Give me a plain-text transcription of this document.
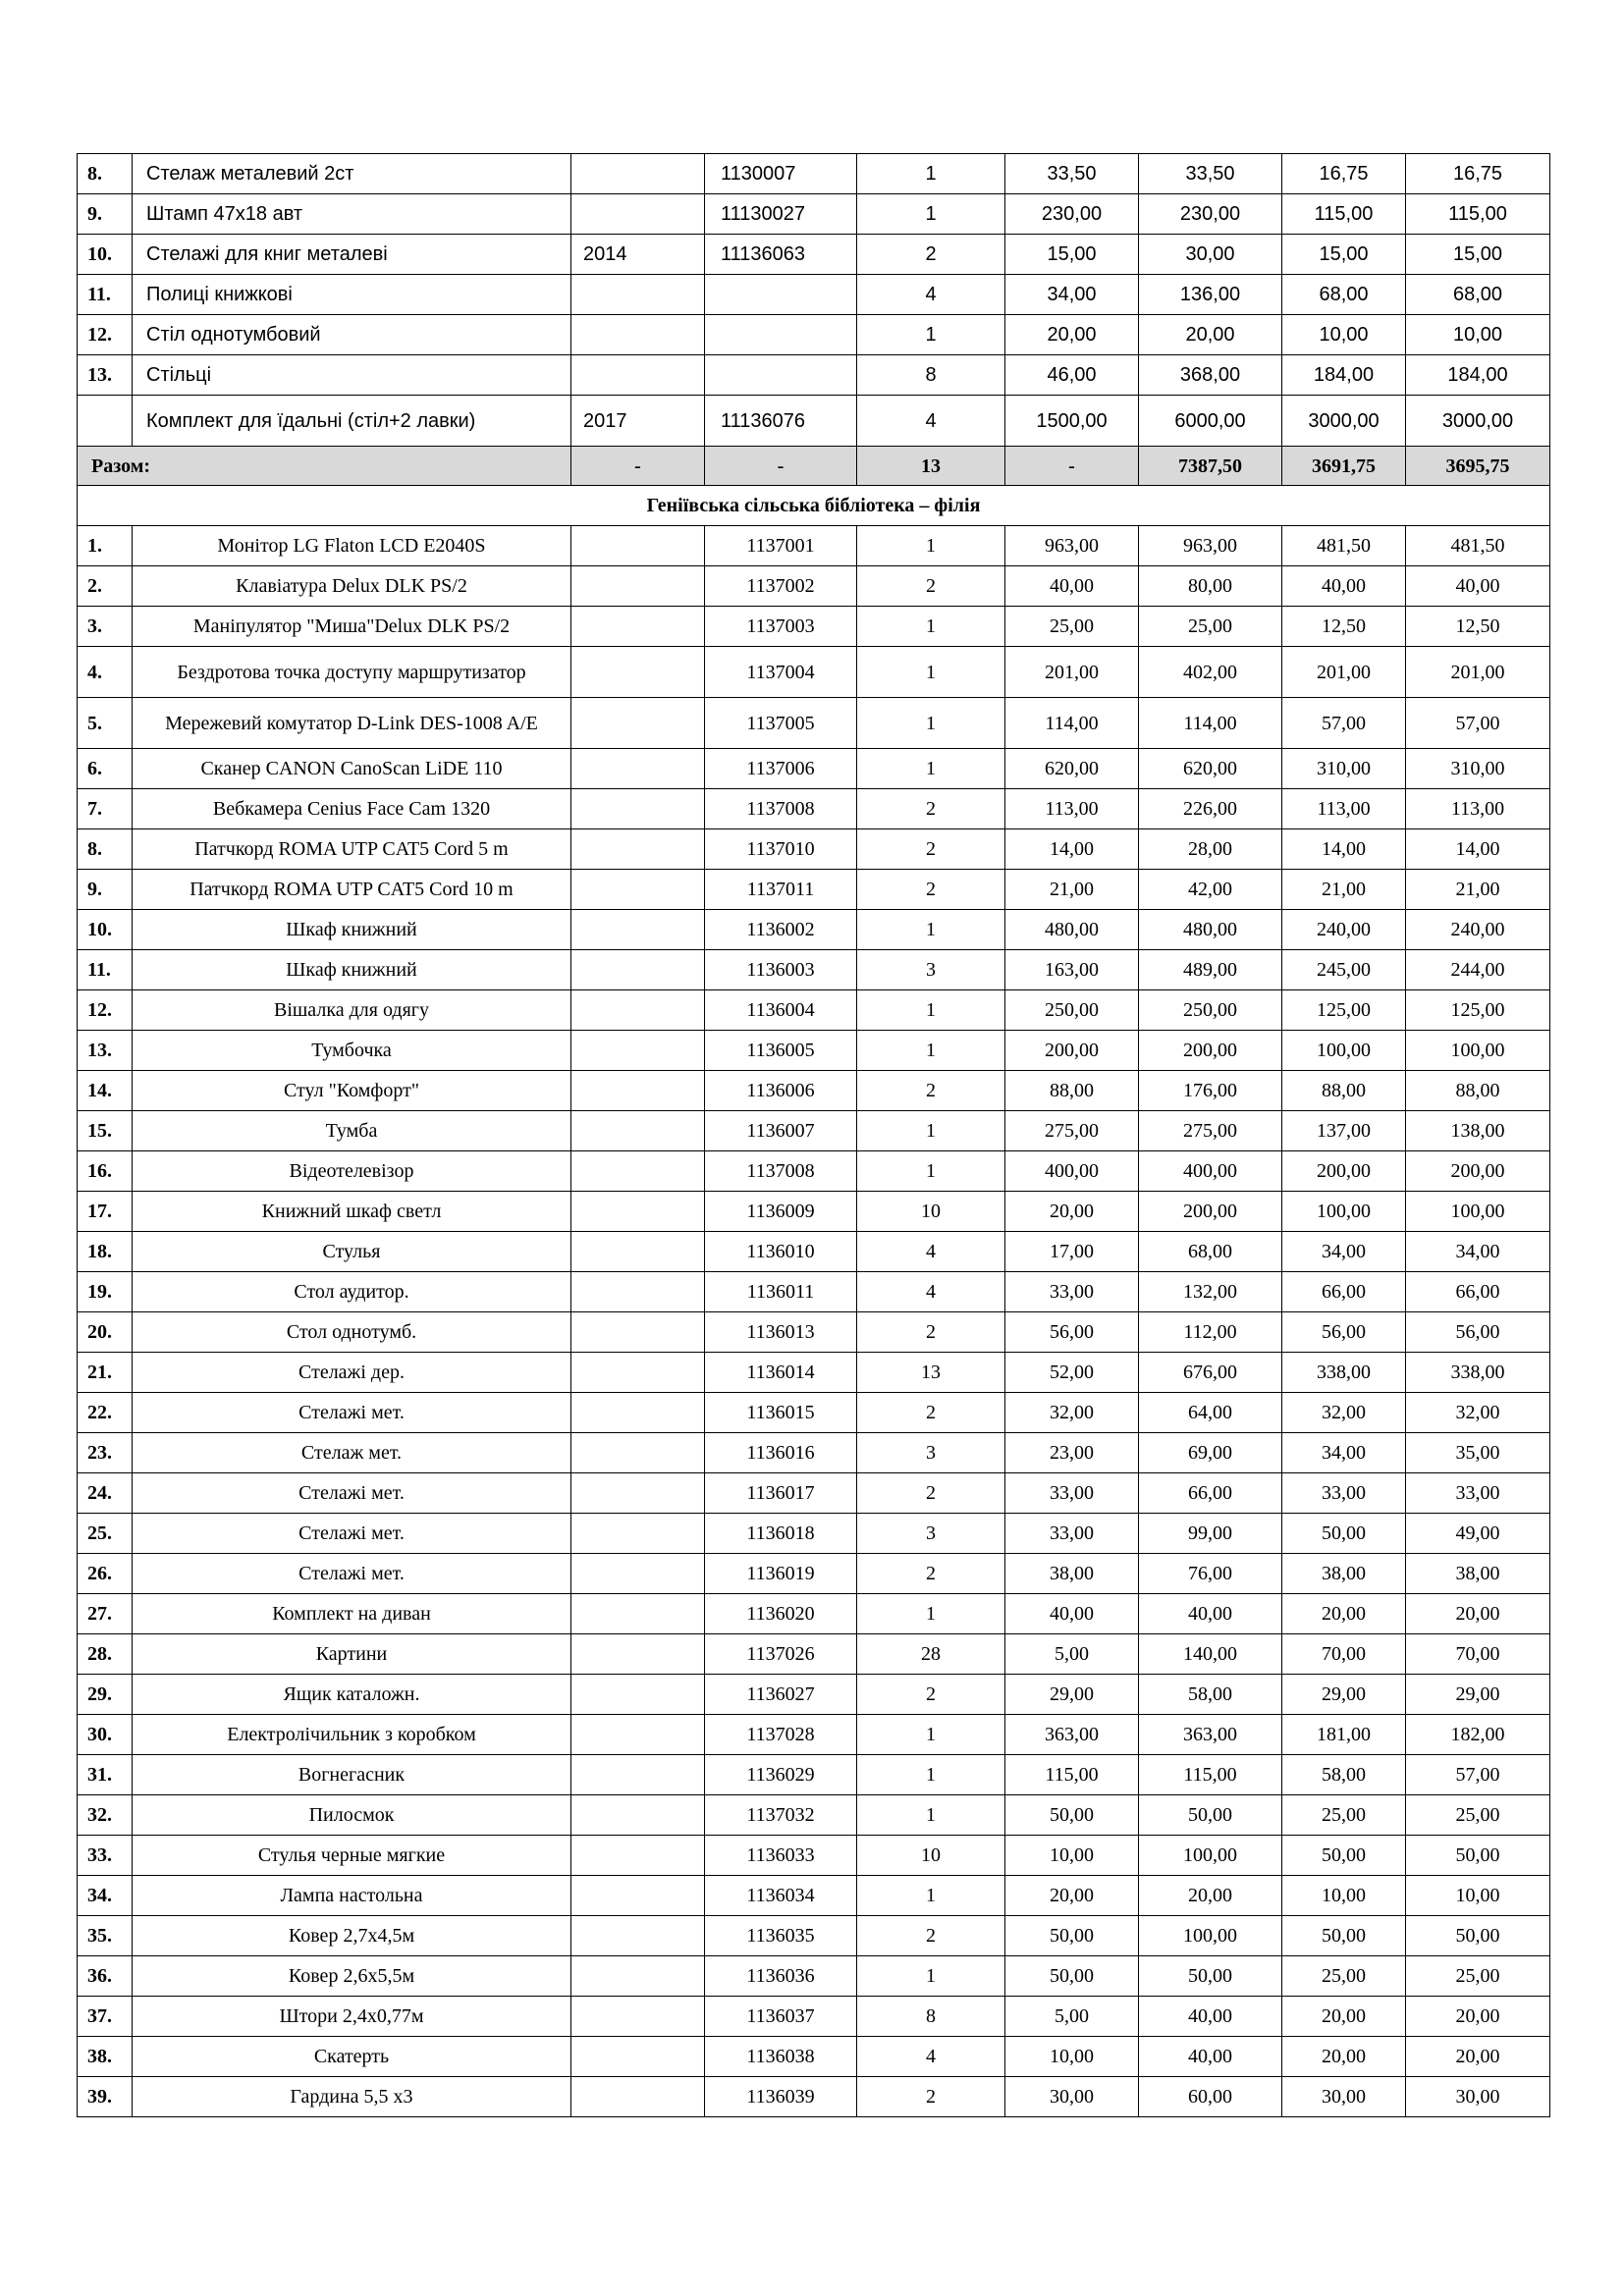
8.	Стелаж металевий 2ст		1130007	1	33,50	33,50	16,75	16,75
9.	Штамп 47х18 авт		11130027	1	230,00	230,00	115,00	115,00
10.	Стелажі для книг металеві	2014	11136063	2	15,00	30,00	15,00	15,00
11.	Полиці книжкові			4	34,00	136,00	68,00	68,00
12.	Стіл однотумбовий			1	20,00	20,00	10,00	10,00
13.	Стільці			8	46,00	368,00	184,00	184,00
	Комплект для їдальні (стіл+2 лавки)	2017	11136076	4	1500,00	6000,00	3000,00	3000,00
Разом:		-	-	13	-	7387,50	3691,75	3695,75
Геніївська сільська бібліотека – філія								
1.	Монітор LG Flaton LCD E2040S		1137001	1	963,00	963,00	481,50	481,50
2.	Клавіатура Delux DLK PS/2		1137002	2	40,00	80,00	40,00	40,00
3.	Маніпулятор "Миша"Delux DLK PS/2		1137003	1	25,00	25,00	12,50	12,50
4.	Бездротова точка доступу маршрутизатор		1137004	1	201,00	402,00	201,00	201,00
5.	Мережевий комутатор D-Link DES-1008 A/E		1137005	1	114,00	114,00	57,00	57,00
6.	Сканер CANON CanoScan LiDE 110		1137006	1	620,00	620,00	310,00	310,00
7.	Вебкамера Cenius Face Cam 1320		1137008	2	113,00	226,00	113,00	113,00
8.	Патчкорд ROMA UTP CAT5 Cord 5 m		1137010	2	14,00	28,00	14,00	14,00
9.	Патчкорд ROMA UTP CAT5 Cord 10 m		1137011	2	21,00	42,00	21,00	21,00
10.	Шкаф книжний		1136002	1	480,00	480,00	240,00	240,00
11.	Шкаф книжний		1136003	3	163,00	489,00	245,00	244,00
12.	Вішалка для одягу		1136004	1	250,00	250,00	125,00	125,00
13.	Тумбочка		1136005	1	200,00	200,00	100,00	100,00
14.	Стул "Комфорт"		1136006	2	88,00	176,00	88,00	88,00
15.	Тумба		1136007	1	275,00	275,00	137,00	138,00
16.	Відеотелевізор		1137008	1	400,00	400,00	200,00	200,00
17.	Книжний шкаф светл		1136009	10	20,00	200,00	100,00	100,00
18.	Стулья		1136010	4	17,00	68,00	34,00	34,00
19.	Стол аудитор.		1136011	4	33,00	132,00	66,00	66,00
20.	Стол однотумб.		1136013	2	56,00	112,00	56,00	56,00
21.	Стелажі дер.		1136014	13	52,00	676,00	338,00	338,00
22.	Стелажі мет.		1136015	2	32,00	64,00	32,00	32,00
23.	Стелаж мет.		1136016	3	23,00	69,00	34,00	35,00
24.	Стелажі мет.		1136017	2	33,00	66,00	33,00	33,00
25.	Стелажі мет.		1136018	3	33,00	99,00	50,00	49,00
26.	Стелажі мет.		1136019	2	38,00	76,00	38,00	38,00
27.	Комплект на диван		1136020	1	40,00	40,00	20,00	20,00
28.	Картини		1137026	28	5,00	140,00	70,00	70,00
29.	Ящик каталожн.		1136027	2	29,00	58,00	29,00	29,00
30.	Електролічильник з коробком		1137028	1	363,00	363,00	181,00	182,00
31.	Вогнегасник		1136029	1	115,00	115,00	58,00	57,00
32.	Пилосмок		1137032	1	50,00	50,00	25,00	25,00
33.	Стулья черные мягкие		1136033	10	10,00	100,00	50,00	50,00
34.	Лампа настольна		1136034	1	20,00	20,00	10,00	10,00
35.	Ковер 2,7х4,5м		1136035	2	50,00	100,00	50,00	50,00
36.	Ковер 2,6х5,5м		1136036	1	50,00	50,00	25,00	25,00
37.	Штори 2,4х0,77м		1136037	8	5,00	40,00	20,00	20,00
38.	Скатерть		1136038	4	10,00	40,00	20,00	20,00
39.	Гардина 5,5 х3		1136039	2	30,00	60,00	30,00	30,00
